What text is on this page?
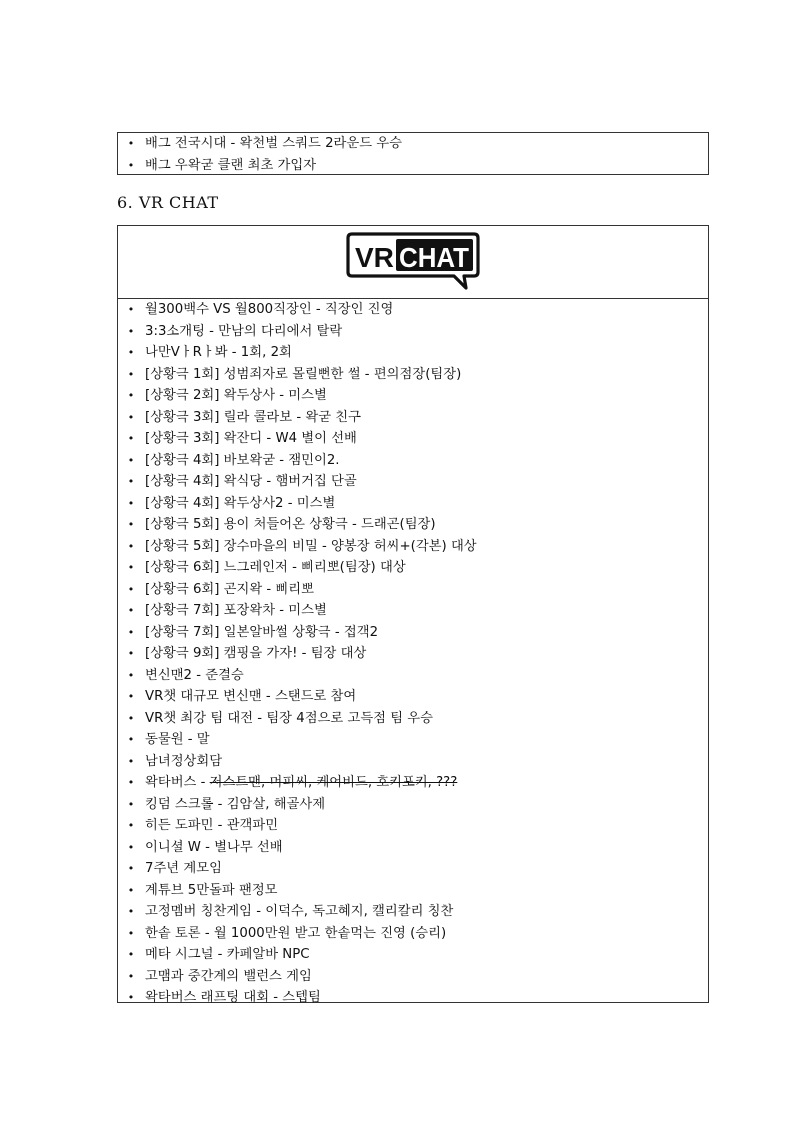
• 배그 전국시대 - 왁천벌 스쿼드 2라운드 우승
• 배그 우왁굳 클랜 최초 가입자
6. VR CHAT
VR CHAT
• 월300백수 VS 월800직장인 - 직장인 진영
• 3:3소개팅 - 만남의 다리에서 탈락
• 나만VㅏRㅏ봐 - 1회, 2회
• [상황극 1회] 성범죄자로 몰릴뻔한 썰 - 편의점장(팀장)
• [상황극 2회] 왁두상사 - 미스별
• [상황극 3회] 릴라 콜라보 - 왁굳 친구
• [상황극 3회] 왁잔디 - W4 별이 선배
• [상황극 4회] 바보왁굳 - 잼민이2.
• [상황극 4회] 왁식당 - 햄버거집 단골
• [상황극 4회] 왁두상사2 - 미스별
• [상황극 5회] 용이 처들어온 상황극 - 드래곤(팀장)
• [상황극 5회] 장수마을의 비밀 - 양봉장 허씨+(각본) 대상
• [상황극 6회] 느그레인저 - 삐리뽀(팀장) 대상
• [상황극 6회] 곤지왁 - 삐리뽀
• [상황극 7회] 포장왁차 - 미스별
• [상황극 7회] 일본알바썰 상황극 - 접객2
• [상황극 9회] 캠핑을 가자! - 팀장 대상
• 변신맨2 - 준결승
• VR챗 대규모 변신맨 - 스탠드로 참여
• VR챗 최강 팀 대전 - 팀장 4점으로 고득점 팀 우승
• 동물원 - 말
• 남녀정상회담
• 왁타버스 - 저스트맨, 머피씨, 케어비드, 호키포키, ???
• 킹덤 스크롤 - 김암살, 해골사제
• 히든 도파민 - 관객파민
• 이니셜 W - 별나무 선배
• 7주년 계모임
• 계튜브 5만돌파 팬정모
• 고정멤버 칭찬게임 - 이덕수, 독고혜지, 캘리칼리 칭찬
• 한솥 토론 - 월 1000만원 받고 한솥먹는 진영 (승리)
• 메타 시그널 - 카페알바 NPC
• 고맴과 중간계의 밸런스 게임
• 왁타버스 래프팅 대회 - 스텝팀
